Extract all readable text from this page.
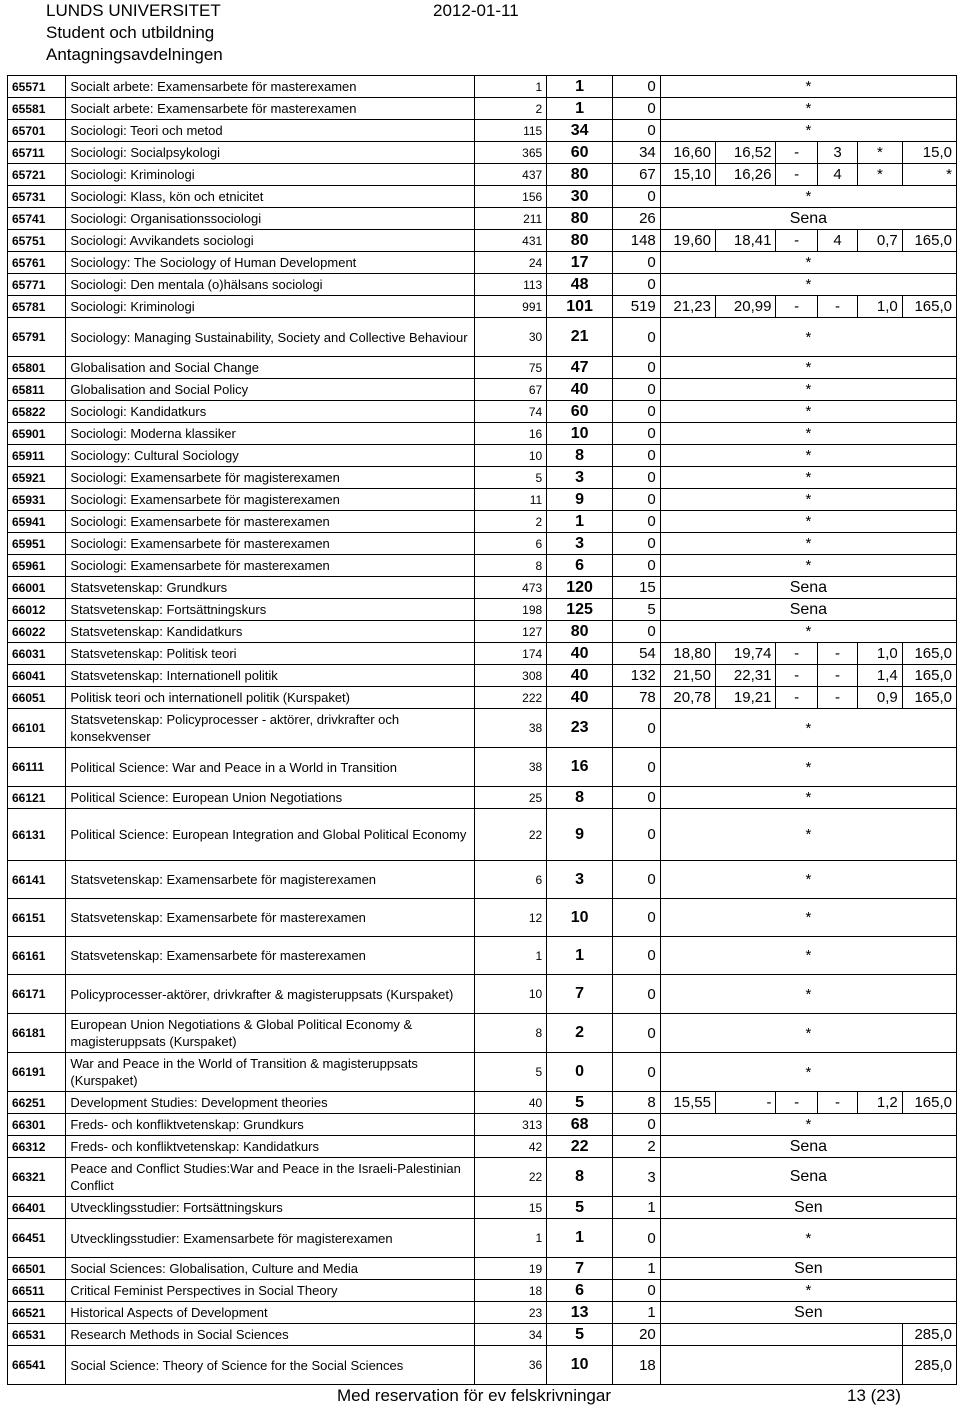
LUNDS UNIVERSITET
Student och utbildning
Antagningsavdelningen
2012-01-11
65571	Socialt arbete: Examensarbete för masterexamen	1	1	0	*					
65581	Socialt arbete: Examensarbete för masterexamen	2	1	0	*					
65701	Sociologi: Teori och metod	115	34	0	*					
65711	Sociologi: Socialpsykologi	365	60	34	16,60	16,52	-	3	*	15,0
65721	Sociologi: Kriminologi	437	80	67	15,10	16,26	-	4	*	*
65731	Sociologi: Klass, kön och etnicitet	156	30	0	*					
65741	Sociologi: Organisationssociologi	211	80	26	Sena					
65751	Sociologi: Avvikandets sociologi	431	80	148	19,60	18,41	-	4	0,7	165,0
65761	Sociology: The Sociology of Human Development	24	17	0	*					
65771	Sociologi: Den mentala (o)hälsans sociologi	113	48	0	*					
65781	Sociologi: Kriminologi	991	101	519	21,23	20,99	-	-	1,0	165,0
65791	Sociology: Managing Sustainability, Society and Collective Behaviour	30	21	0	*					
65801	Globalisation and Social Change	75	47	0	*					
65811	Globalisation and Social Policy	67	40	0	*					
65822	Sociologi: Kandidatkurs	74	60	0	*					
65901	Sociologi: Moderna klassiker	16	10	0	*					
65911	Sociology: Cultural Sociology	10	8	0	*					
65921	Sociologi: Examensarbete för magisterexamen	5	3	0	*					
65931	Sociologi: Examensarbete för magisterexamen	11	9	0	*					
65941	Sociologi: Examensarbete för masterexamen	2	1	0	*					
65951	Sociologi: Examensarbete för masterexamen	6	3	0	*					
65961	Sociologi: Examensarbete för masterexamen	8	6	0	*					
66001	Statsvetenskap: Grundkurs	473	120	15	Sena					
66012	Statsvetenskap: Fortsättningskurs	198	125	5	Sena					
66022	Statsvetenskap: Kandidatkurs	127	80	0	*					
66031	Statsvetenskap: Politisk teori	174	40	54	18,80	19,74	-	-	1,0	165,0
66041	Statsvetenskap: Internationell politik	308	40	132	21,50	22,31	-	-	1,4	165,0
66051	Politisk teori och internationell politik (Kurspaket)	222	40	78	20,78	19,21	-	-	0,9	165,0
66101	Statsvetenskap: Policyprocesser - aktörer, drivkrafter och konsekvenser	38	23	0	*					
66111	Political Science: War and Peace in a World in Transition	38	16	0	*					
66121	Political Science: European Union Negotiations	25	8	0	*					
66131	Political Science: European Integration and Global Political Economy	22	9	0	*					
66141	Statsvetenskap: Examensarbete för magisterexamen	6	3	0	*					
66151	Statsvetenskap: Examensarbete för masterexamen	12	10	0	*					
66161	Statsvetenskap: Examensarbete för masterexamen	1	1	0	*					
66171	Policyprocesser-aktörer, drivkrafter & magisteruppsats (Kurspaket)	10	7	0	*					
66181	European Union Negotiations & Global Political Economy & magisteruppsats (Kurspaket)	8	2	0	*					
66191	War and Peace in the World of Transition & magisteruppsats (Kurspaket)	5	0	0	*					
66251	Development Studies: Development theories	40	5	8	15,55	-	-	-	1,2	165,0
66301	Freds- och konfliktvetenskap: Grundkurs	313	68	0	*					
66312	Freds- och konfliktvetenskap: Kandidatkurs	42	22	2	Sena					
66321	Peace and Conflict Studies:War and Peace in the Israeli-Palestinian Conflict	22	8	3	Sena					
66401	Utvecklingsstudier: Fortsättningskurs	15	5	1	Sen					
66451	Utvecklingsstudier: Examensarbete för magisterexamen	1	1	0	*					
66501	Social Sciences: Globalisation, Culture and Media	19	7	1	Sen					
66511	Critical Feminist Perspectives in Social Theory	18	6	0	*					
66521	Historical Aspects of Development	23	13	1	Sen					
66531	Research Methods in Social Sciences	34	5	20						285,0
66541	Social Science: Theory of Science for the Social Sciences	36	10	18						285,0
Med reservation för ev felskrivningar	13 (23)
